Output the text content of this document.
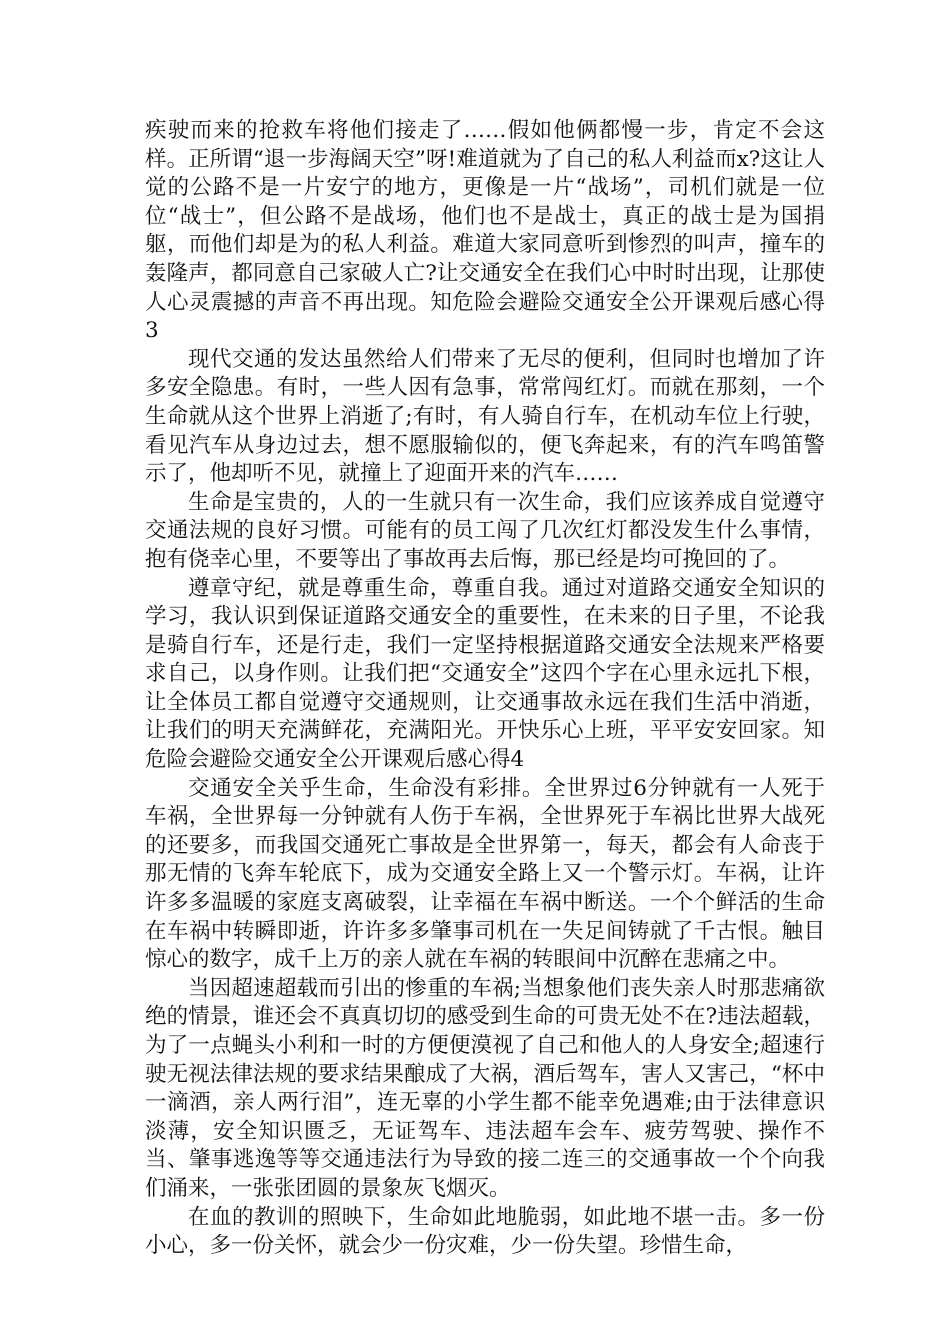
疾驶而来的抢救车将他们接走了……假如他俩都慢一步，肯定不会这样。正所谓“退一步海阔天空”呀!难道就为了自己的私人利益而x?这让人觉的公路不是一片安宁的地方，更像是一片“战场”，司机们就是一位位“战士”，但公路不是战场，他们也不是战士，真正的战士是为国捐躯，而他们却是为的私人利益。难道大家同意听到惨烈的叫声，撞车的轰隆声，都同意自己家破人亡?让交通安全在我们心中时时出现，让那使人心灵震撼的声音不再出现。知危险会避险交通安全公开课观后感心得3

现代交通的发达虽然给人们带来了无尽的便利，但同时也增加了许多安全隐患。有时，一些人因有急事，常常闯红灯。而就在那刻，一个生命就从这个世界上消逝了;有时，有人骑自行车，在机动车位上行驶，看见汽车从身边过去，想不愿服输似的，便飞奔起来，有的汽车鸣笛警示了，他却听不见，就撞上了迎面开来的汽车……

生命是宝贵的，人的一生就只有一次生命，我们应该养成自觉遵守交通法规的良好习惯。可能有的员工闯了几次红灯都没发生什么事情，抱有侥幸心里，不要等出了事故再去后悔，那已经是均可挽回的了。

遵章守纪，就是尊重生命，尊重自我。通过对道路交通安全知识的学习，我认识到保证道路交通安全的重要性，在未来的日子里，不论我是骑自行车，还是行走，我们一定坚持根据道路交通安全法规来严格要求自己，以身作则。让我们把“交通安全”这四个字在心里永远扎下根，让全体员工都自觉遵守交通规则，让交通事故永远在我们生活中消逝，让我们的明天充满鲜花，充满阳光。开快乐心上班，平平安安回家。知危险会避险交通安全公开课观后感心得4

交通安全关乎生命，生命没有彩排。全世界过6分钟就有一人死于车祸，全世界每一分钟就有人伤于车祸，全世界死于车祸比世界大战死的还要多，而我国交通死亡事故是全世界第一，每天，都会有人命丧于那无情的飞奔车轮底下，成为交通安全路上又一个警示灯。车祸，让许许多多温暖的家庭支离破裂，让幸福在车祸中断送。一个个鲜活的生命在车祸中转瞬即逝，许许多多肇事司机在一失足间铸就了千古恨。触目惊心的数字，成千上万的亲人就在车祸的转眼间中沉醉在悲痛之中。

当因超速超载而引出的惨重的车祸;当想象他们丧失亲人时那悲痛欲绝的情景，谁还会不真真切切的感受到生命的可贵无处不在?违法超载，为了一点蝇头小利和一时的方便便漠视了自己和他人的人身安全;超速行驶无视法律法规的要求结果酿成了大祸，酒后驾车，害人又害己，“杯中一滴酒，亲人两行泪”，连无辜的小学生都不能幸免遇难;由于法律意识淡薄，安全知识匮乏，无证驾车、违法超车会车、疲劳驾驶、操作不当、肇事逃逸等等交通违法行为导致的接二连三的交通事故一个个向我们涌来，一张张团圆的景象灰飞烟灭。

在血的教训的照映下，生命如此地脆弱，如此地不堪一击。多一份小心，多一份关怀，就会少一份灾难，少一份失望。珍惜生命，
